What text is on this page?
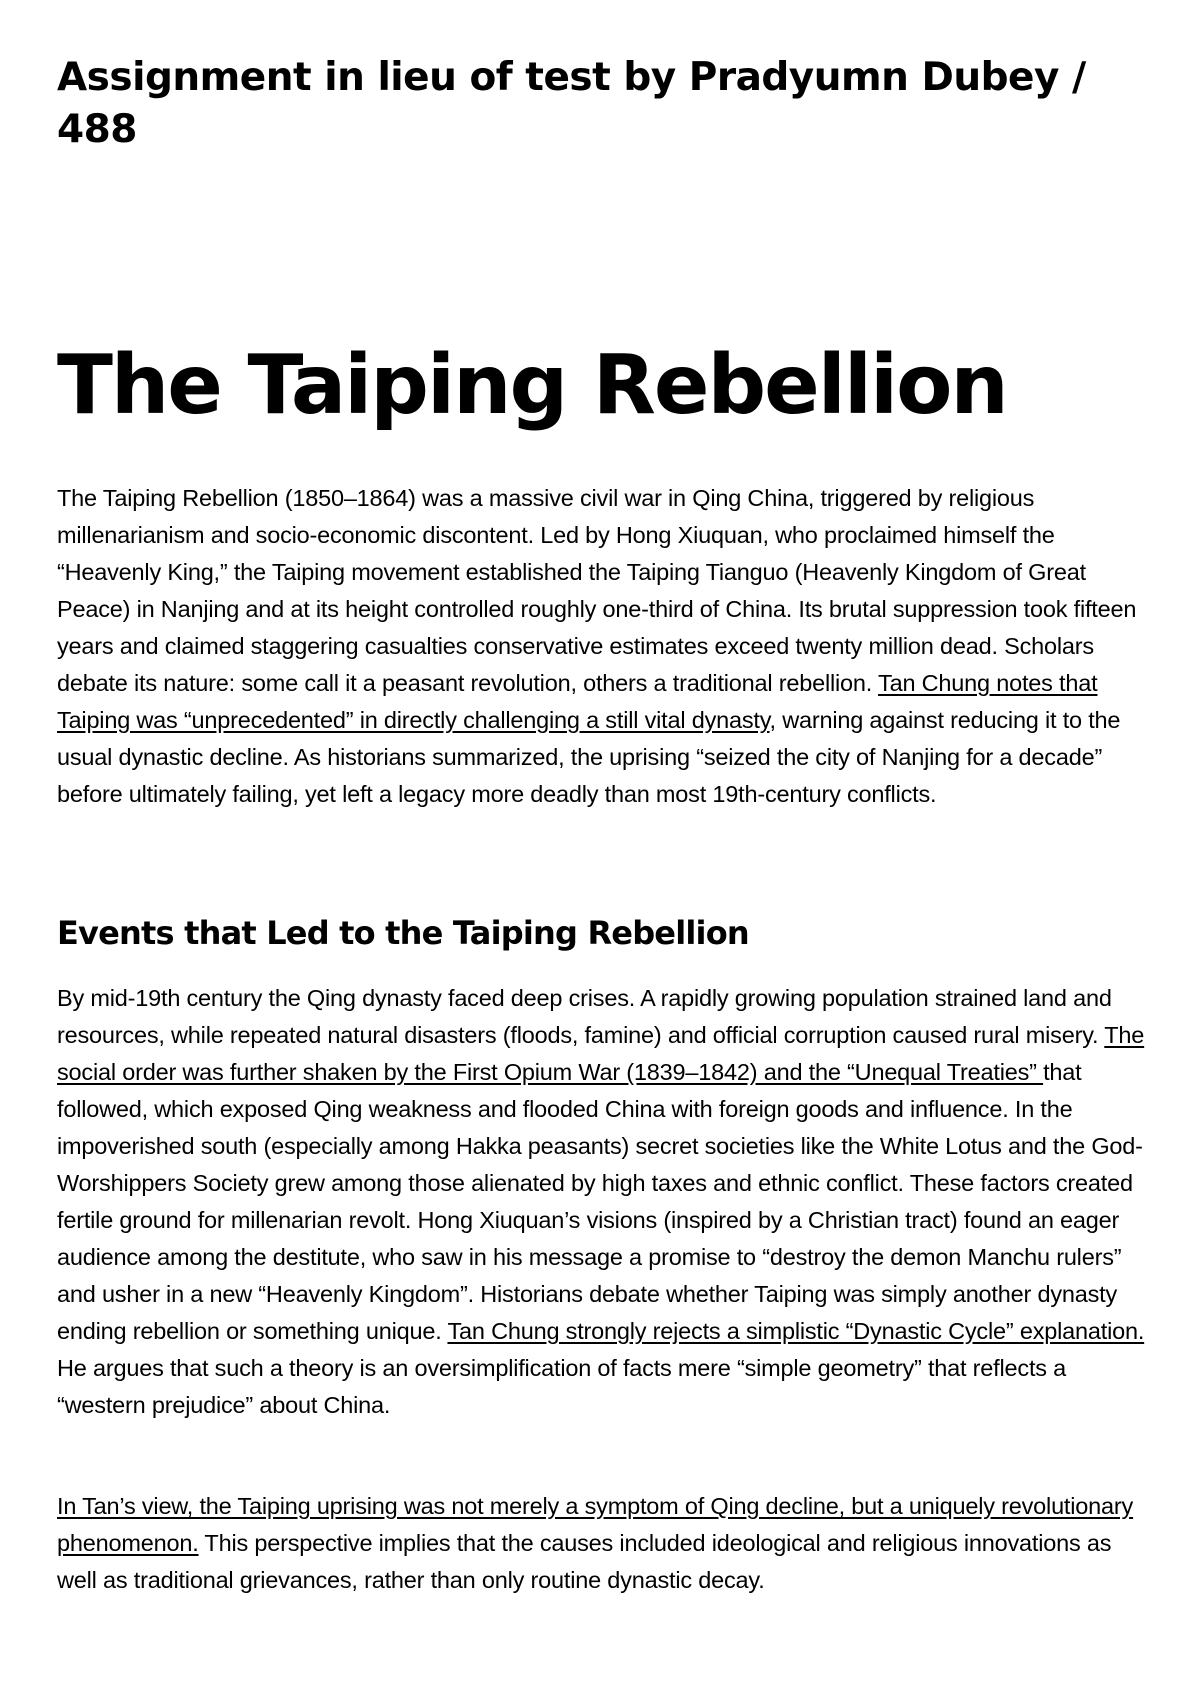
Assignment in lieu of test by Pradyumn Dubey / 488
The Taiping Rebellion

The Taiping Rebellion (1850–1864) was a massive civil war in Qing China, triggered by religious millenarianism and socio-economic discontent. Led by Hong Xiuquan, who proclaimed himself the “Heavenly King,” the Taiping movement established the Taiping Tianguo (Heavenly Kingdom of Great Peace) in Nanjing and at its height controlled roughly one-third of China. Its brutal suppression took fifteen years and claimed staggering casualties conservative estimates exceed twenty million dead. Scholars debate its nature: some call it a peasant revolution, others a traditional rebellion. Tan Chung notes that Taiping was “unprecedented” in directly challenging a still vital dynasty, warning against reducing it to the usual dynastic decline. As historians summarized, the uprising “seized the city of Nanjing for a decade” before ultimately failing, yet left a legacy more deadly than most 19th-century conflicts.

Events that Led to the Taiping Rebellion

By mid-19th century the Qing dynasty faced deep crises. A rapidly growing population strained land and resources, while repeated natural disasters (floods, famine) and official corruption caused rural misery. The social order was further shaken by the First Opium War (1839–1842) and the “Unequal Treaties” that followed, which exposed Qing weakness and flooded China with foreign goods and influence. In the impoverished south (especially among Hakka peasants) secret societies like the White Lotus and the God-Worshippers Society grew among those alienated by high taxes and ethnic conflict. These factors created fertile ground for millenarian revolt. Hong Xiuquan’s visions (inspired by a Christian tract) found an eager audience among the destitute, who saw in his message a promise to “destroy the demon Manchu rulers” and usher in a new “Heavenly Kingdom”. Historians debate whether Taiping was simply another dynasty ending rebellion or something unique. Tan Chung strongly rejects a simplistic “Dynastic Cycle” explanation. He argues that such a theory is an oversimplification of facts mere “simple geometry” that reflects a “western prejudice” about China.

In Tan’s view, the Taiping uprising was not merely a symptom of Qing decline, but a uniquely revolutionary phenomenon. This perspective implies that the causes included ideological and religious innovations as well as traditional grievances, rather than only routine dynastic decay.
